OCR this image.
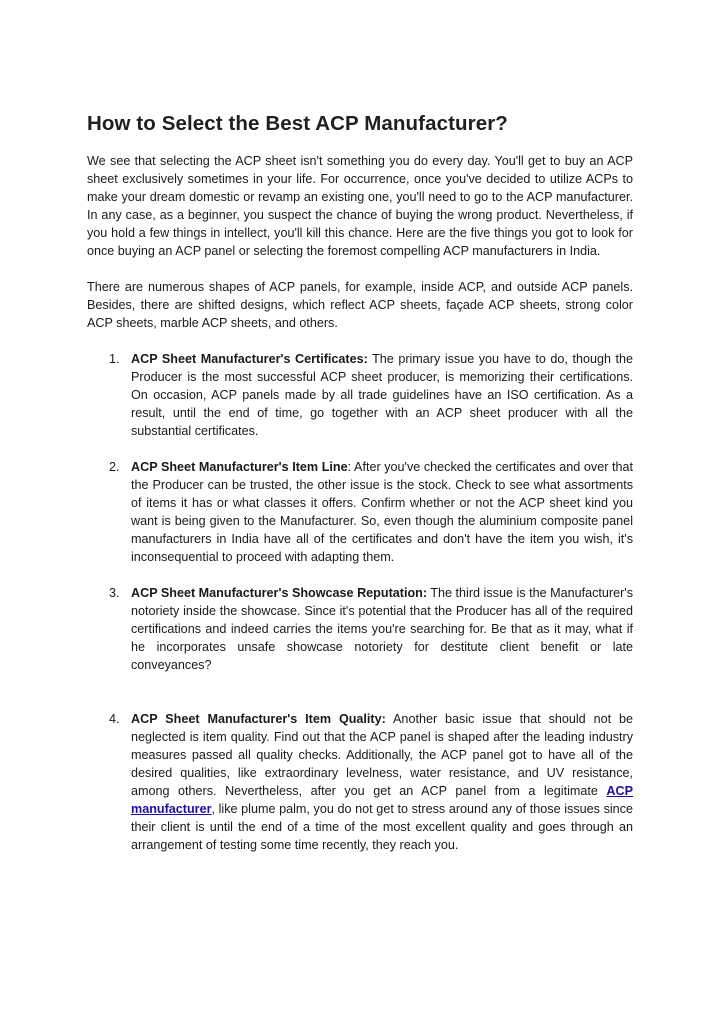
How to Select the Best ACP Manufacturer?

We see that selecting the ACP sheet isn't something you do every day. You'll get to buy an ACP sheet exclusively sometimes in your life. For occurrence, once you've decided to utilize ACPs to make your dream domestic or revamp an existing one, you'll need to go to the ACP manufacturer. In any case, as a beginner, you suspect the chance of buying the wrong product. Nevertheless, if you hold a few things in intellect, you'll kill this chance. Here are the five things you got to look for once buying an ACP panel or selecting the foremost compelling ACP manufacturers in India.

There are numerous shapes of ACP panels, for example, inside ACP, and outside ACP panels. Besides, there are shifted designs, which reflect ACP sheets, façade ACP sheets, strong color ACP sheets, marble ACP sheets, and others.

1. ACP Sheet Manufacturer's Certificates: The primary issue you have to do, though the Producer is the most successful ACP sheet producer, is memorizing their certifications. On occasion, ACP panels made by all trade guidelines have an ISO certification. As a result, until the end of time, go together with an ACP sheet producer with all the substantial certificates.
2. ACP Sheet Manufacturer's Item Line: After you've checked the certificates and over that the Producer can be trusted, the other issue is the stock. Check to see what assortments of items it has or what classes it offers. Confirm whether or not the ACP sheet kind you want is being given to the Manufacturer. So, even though the aluminium composite panel manufacturers in India have all of the certificates and don't have the item you wish, it's inconsequential to proceed with adapting them.
3. ACP Sheet Manufacturer's Showcase Reputation: The third issue is the Manufacturer's notoriety inside the showcase. Since it's potential that the Producer has all of the required certifications and indeed carries the items you're searching for. Be that as it may, what if he incorporates unsafe showcase notoriety for destitute client benefit or late conveyances?
4. ACP Sheet Manufacturer's Item Quality: Another basic issue that should not be neglected is item quality. Find out that the ACP panel is shaped after the leading industry measures passed all quality checks. Additionally, the ACP panel got to have all of the desired qualities, like extraordinary levelness, water resistance, and UV resistance, among others. Nevertheless, after you get an ACP panel from a legitimate ACP manufacturer, like plume palm, you do not get to stress around any of those issues since their client is until the end of a time of the most excellent quality and goes through an arrangement of testing some time recently, they reach you.
